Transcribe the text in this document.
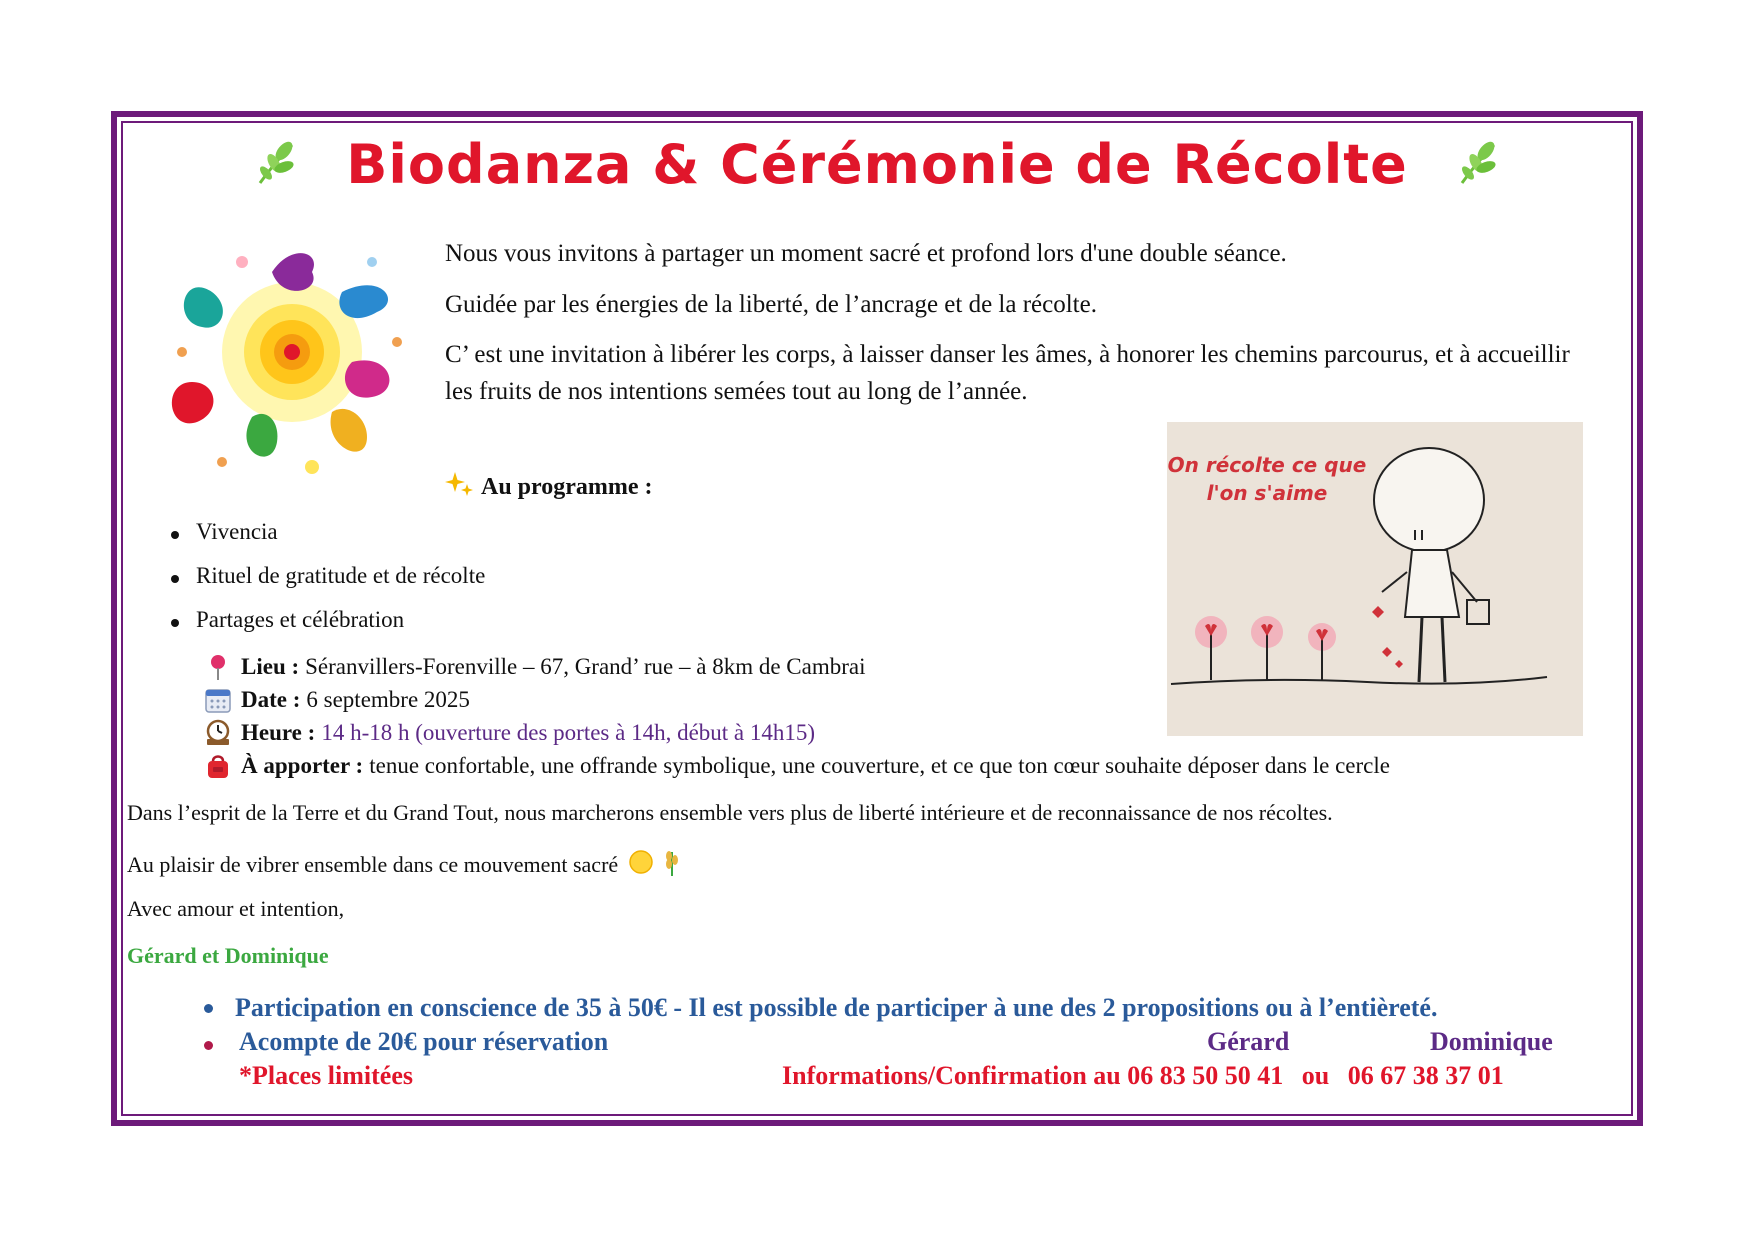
Biodanza & Cérémonie de Récolte
Nous vous invitons à partager un moment sacré et profond lors d'une double séance.
Guidée par les énergies de la liberté, de l’ancrage et de la récolte.
C’ est une invitation à libérer les corps, à laisser danser les âmes, à honorer les chemins parcourus, et à accueillir les fruits de nos intentions semées tout au long de l’année.
On récolte ce que
l'on s'aime
Au programme :
Vivencia
Rituel de gratitude et de récolte
Partages et célébration
Lieu : Séranvillers-Forenville – 67, Grand’ rue – à 8km de Cambrai
Date : 6 septembre 2025
Heure : 14 h-18 h (ouverture des portes à 14h, début à 14h15)
À apporter : tenue confortable, une offrande symbolique, une couverture, et ce que ton cœur souhaite déposer dans le cercle
Dans l’esprit de la Terre et du Grand Tout, nous marcherons ensemble vers plus de liberté intérieure et de reconnaissance de nos récoltes.
Au plaisir de vibrer ensemble dans ce mouvement sacré
Avec amour et intention,
Gérard et Dominique
Participation en conscience de 35 à 50€ - Il est possible de participer à une des 2 propositions ou à l’entièreté.
Acompte de 20€ pour réservation	Gérard	Dominique
*Places limitées	Informations/Confirmation au 06 83 50 50 41 ou 06 67 38 37 01
